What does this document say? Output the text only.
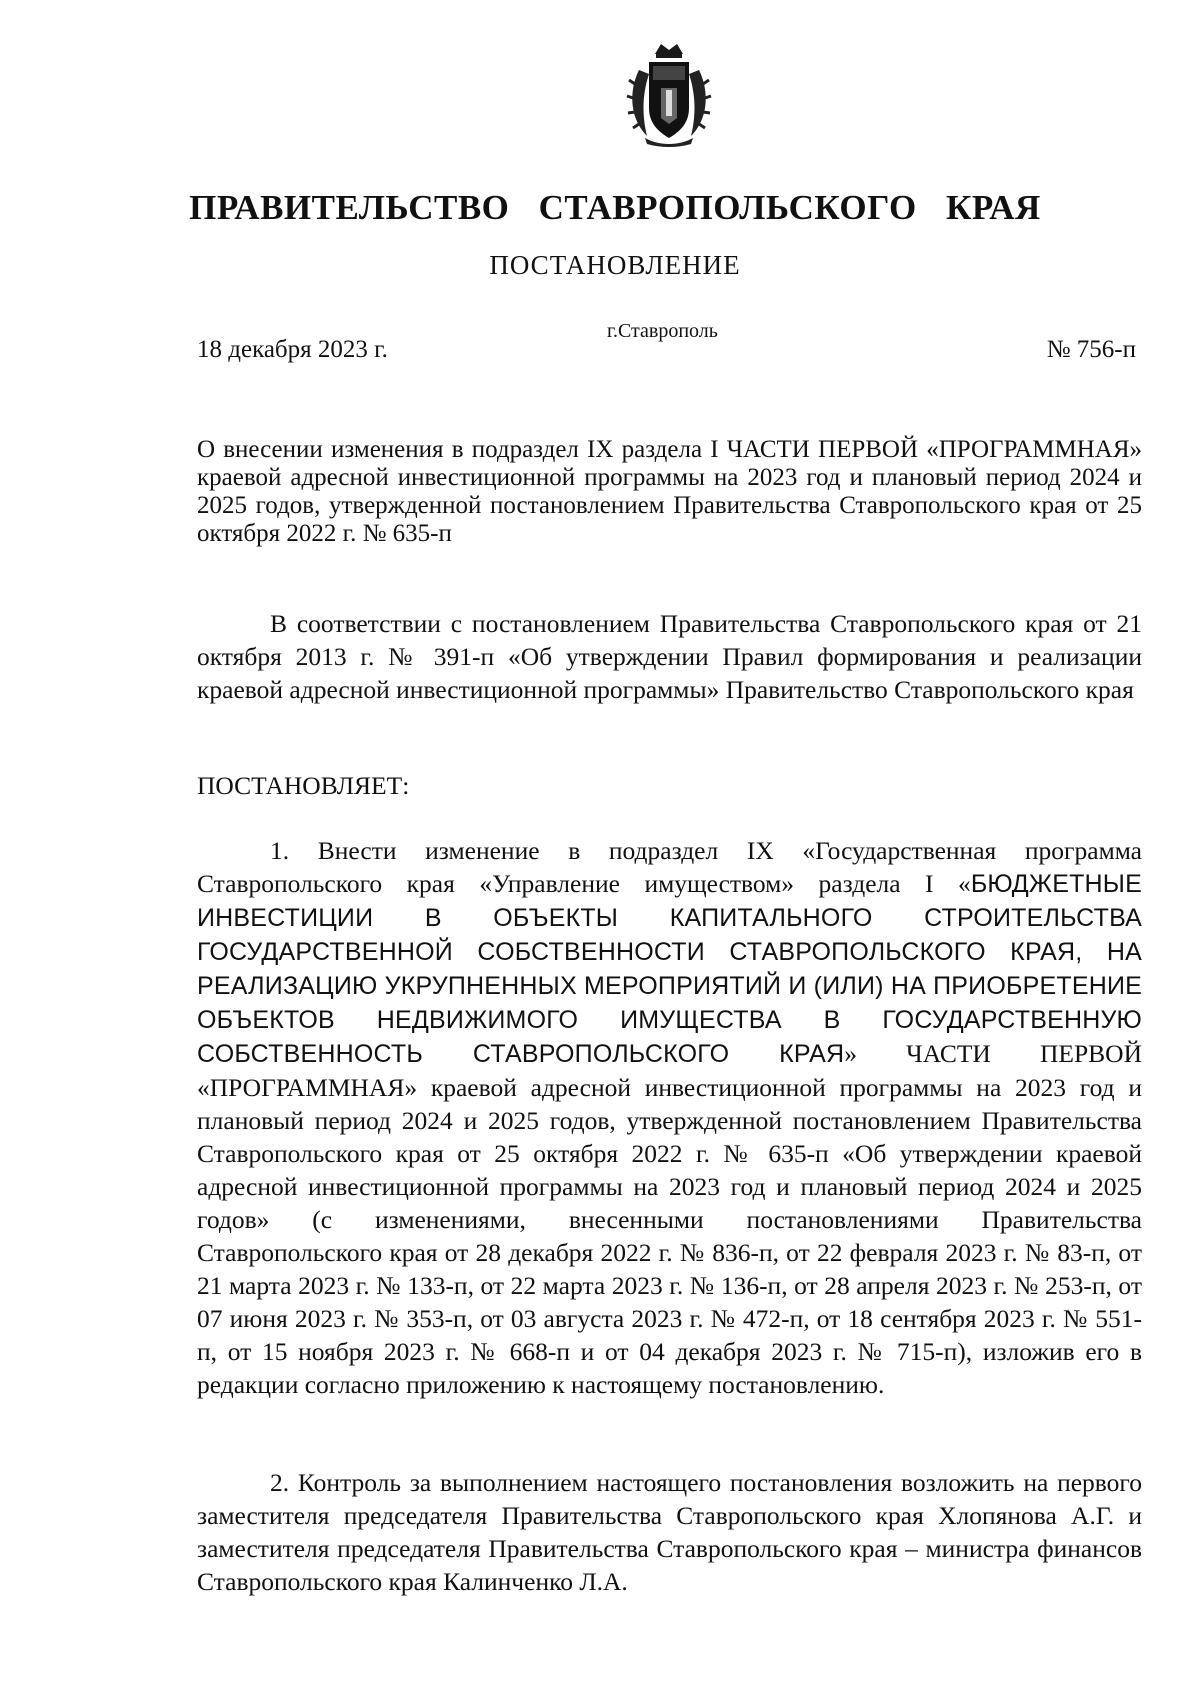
ПРАВИТЕЛЬСТВО СТАВРОПОЛЬСКОГО КРАЯ
ПОСТАНОВЛЕНИЕ
18 декабря 2023 г.
г.Ставрополь
№ 756-п
О внесении изменения в подраздел IX раздела I ЧАСТИ ПЕРВОЙ «ПРОГРАММНАЯ» краевой адресной инвестиционной программы на 2023 год и плановый период 2024 и 2025 годов, утвержденной постановлением Правительства Ставропольского края от 25 октября 2022 г. № 635-п
В соответствии с постановлением Правительства Ставропольского края от 21 октября 2013 г. № 391-п «Об утверждении Правил формирования и реализации краевой адресной инвестиционной программы» Правительство Ставропольского края
ПОСТАНОВЛЯЕТ:
1. Внести изменение в подраздел IX «Государственная программа Ставропольского края «Управление имуществом» раздела I «БЮДЖЕТНЫЕ ИНВЕСТИЦИИ В ОБЪЕКТЫ КАПИТАЛЬНОГО СТРОИТЕЛЬСТВА ГОСУДАРСТВЕННОЙ СОБСТВЕННОСТИ СТАВРОПОЛЬСКОГО КРАЯ, НА РЕАЛИЗАЦИЮ УКРУПНЕННЫХ МЕРОПРИЯТИЙ И (ИЛИ) НА ПРИОБРЕТЕНИЕ ОБЪЕКТОВ НЕДВИЖИМОГО ИМУЩЕСТВА В ГОСУДАРСТВЕННУЮ СОБСТВЕННОСТЬ СТАВРОПОЛЬСКОГО КРАЯ» ЧАСТИ ПЕРВОЙ «ПРОГРАММНАЯ» краевой адресной инвестиционной программы на 2023 год и плановый период 2024 и 2025 годов, утвержденной постановлением Правительства Ставропольского края от 25 октября 2022 г. № 635-п «Об утверждении краевой адресной инвестиционной программы на 2023 год и плановый период 2024 и 2025 годов» (с изменениями, внесенными постановлениями Правительства Ставропольского края от 28 декабря 2022 г. № 836-п, от 22 февраля 2023 г. № 83-п, от 21 марта 2023 г. № 133-п, от 22 марта 2023 г. № 136-п, от 28 апреля 2023 г. № 253-п, от 07 июня 2023 г. № 353-п, от 03 августа 2023 г. № 472-п, от 18 сентября 2023 г. № 551-п, от 15 ноября 2023 г. № 668-п и от 04 декабря 2023 г. № 715-п), изложив его в редакции согласно приложению к настоящему постановлению.
2. Контроль за выполнением настоящего постановления возложить на первого заместителя председателя Правительства Ставропольского края Хлопянова А.Г. и заместителя председателя Правительства Ставропольского края – министра финансов Ставропольского края Калинченко Л.А.
